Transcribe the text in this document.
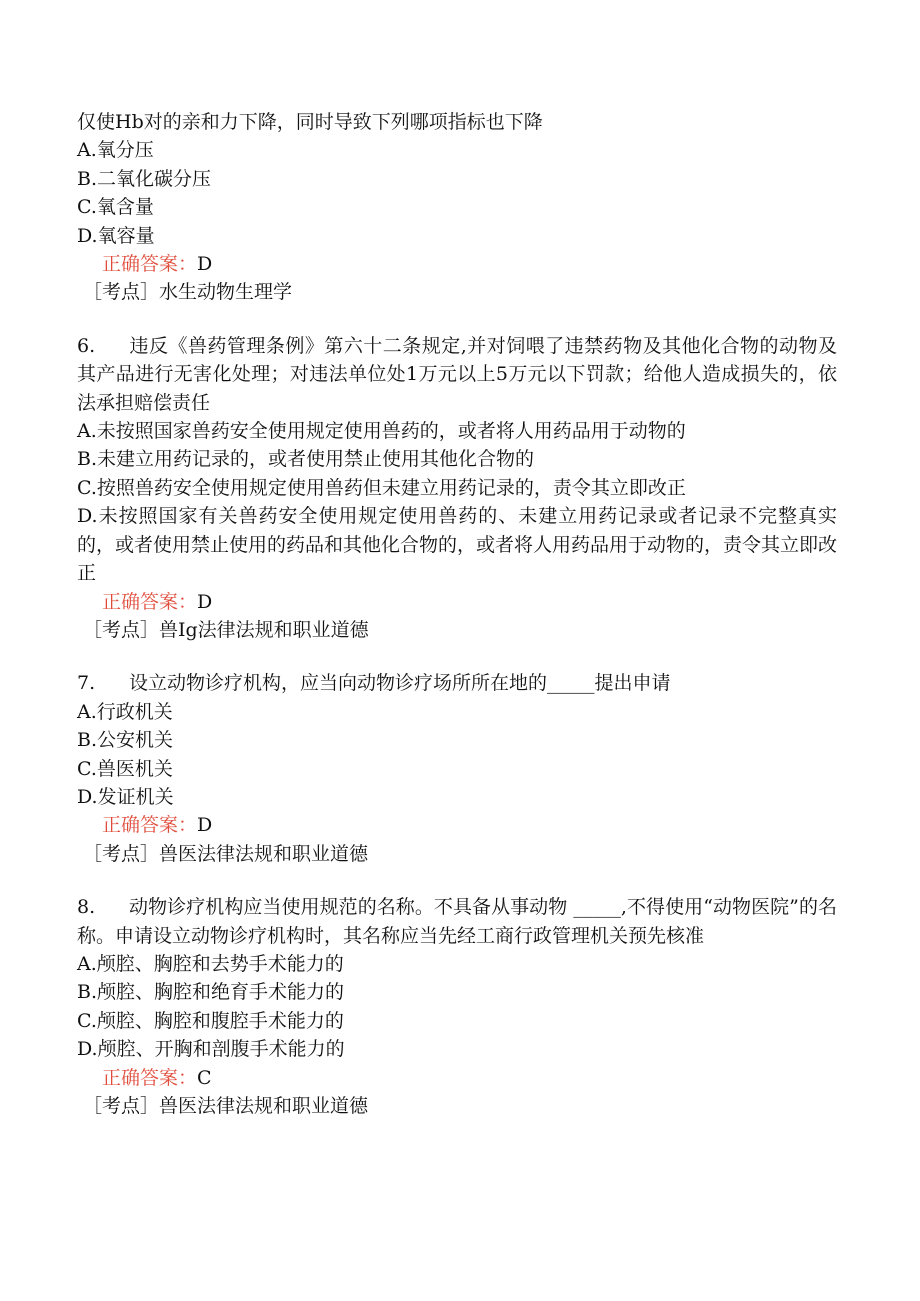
仅使Hb对的亲和力下降，同时导致下列哪项指标也下降
A.氧分压
B.二氧化碳分压
C.氧含量
D.氧容量
正确答案：D
［考点］水生动物生理学
6. 违反《兽药管理条例》第六十二条规定,并对饲喂了违禁药物及其他化合物的动物及其产品进行无害化处理；对违法单位处1万元以上5万元以下罚款；给他人造成损失的，依法承担赔偿责任
A.未按照国家兽药安全使用规定使用兽药的，或者将人用药品用于动物的
B.未建立用药记录的，或者使用禁止使用其他化合物的
C.按照兽药安全使用规定使用兽药但未建立用药记录的，责令其立即改正
D.未按照国家有关兽药安全使用规定使用兽药的、未建立用药记录或者记录不完整真实的，或者使用禁止使用的药品和其他化合物的，或者将人用药品用于动物的，责令其立即改正
正确答案：D
［考点］兽Ig法律法规和职业道德
7. 设立动物诊疗机构，应当向动物诊疗场所所在地的_____提出申请
A.行政机关
B.公安机关
C.兽医机关
D.发证机关
正确答案：D
［考点］兽医法律法规和职业道德
8. 动物诊疗机构应当使用规范的名称。不具备从事动物 _____,不得使用“动物医院”的名称。申请设立动物诊疗机构时，其名称应当先经工商行政管理机关预先核准
A.颅腔、胸腔和去势手术能力的
B.颅腔、胸腔和绝育手术能力的
C.颅腔、胸腔和腹腔手术能力的
D.颅腔、开胸和剖腹手术能力的
正确答案：C
［考点］兽医法律法规和职业道德
